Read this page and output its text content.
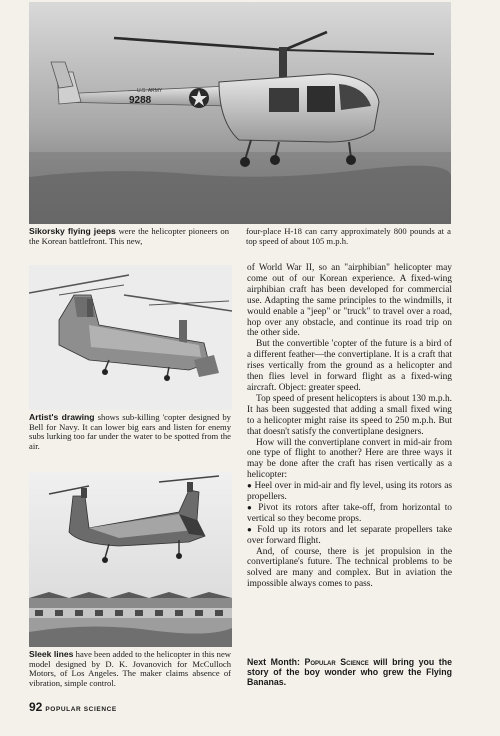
9288
U.S. ARMY

Sikorsky flying jeeps were the helicopter pioneers on the Korean battlefront. This new,

four-place H-18 can carry approximately 800 pounds at a top speed of about 105 m.p.h.

Artist's drawing shows sub-killing 'copter designed by Bell for Navy. It can lower big ears and listen for enemy subs lurking too far under the water to be spotted from the air.

Sleek lines have been added to the helicopter in this new model designed by D. K. Jovanovich for McCulloch Motors, of Los Angeles. The maker claims absence of vibration, simple control.

of World War II, so an "airphibian" helicopter may come out of our Korean experience. A fixed-wing airphibian craft has been developed for commercial use. Adapting the same principles to the windmills, it would enable a "jeep" or "truck" to travel over a road, hop over any obstacle, and continue its road trip on the other side.

But the convertible 'copter of the future is a bird of a different feather—the convertiplane. It is a craft that rises vertically from the ground as a helicopter and then flies level in forward flight as a fixed-wing aircraft. Object: greater speed.

Top speed of present helicopters is about 130 m.p.h. It has been suggested that adding a small fixed wing to a helicopter might raise its speed to 250 m.p.h. But that doesn't satisfy the convertiplane designers.

How will the convertiplane convert in mid-air from one type of flight to another? Here are three ways it may be done after the craft has risen vertically as a helicopter:

● Heel over in mid-air and fly level, using its rotors as propellers.

● Pivot its rotors after take-off, from horizontal to vertical so they become props.

● Fold up its rotors and let separate propellers take over forward flight.

And, of course, there is jet propulsion in the convertiplane's future. The technical problems to be solved are many and complex. But in aviation the impossible always comes to pass.

Next Month: Popular Science will bring you the story of the boy wonder who grew the Flying Bananas.

92 POPULAR SCIENCE
